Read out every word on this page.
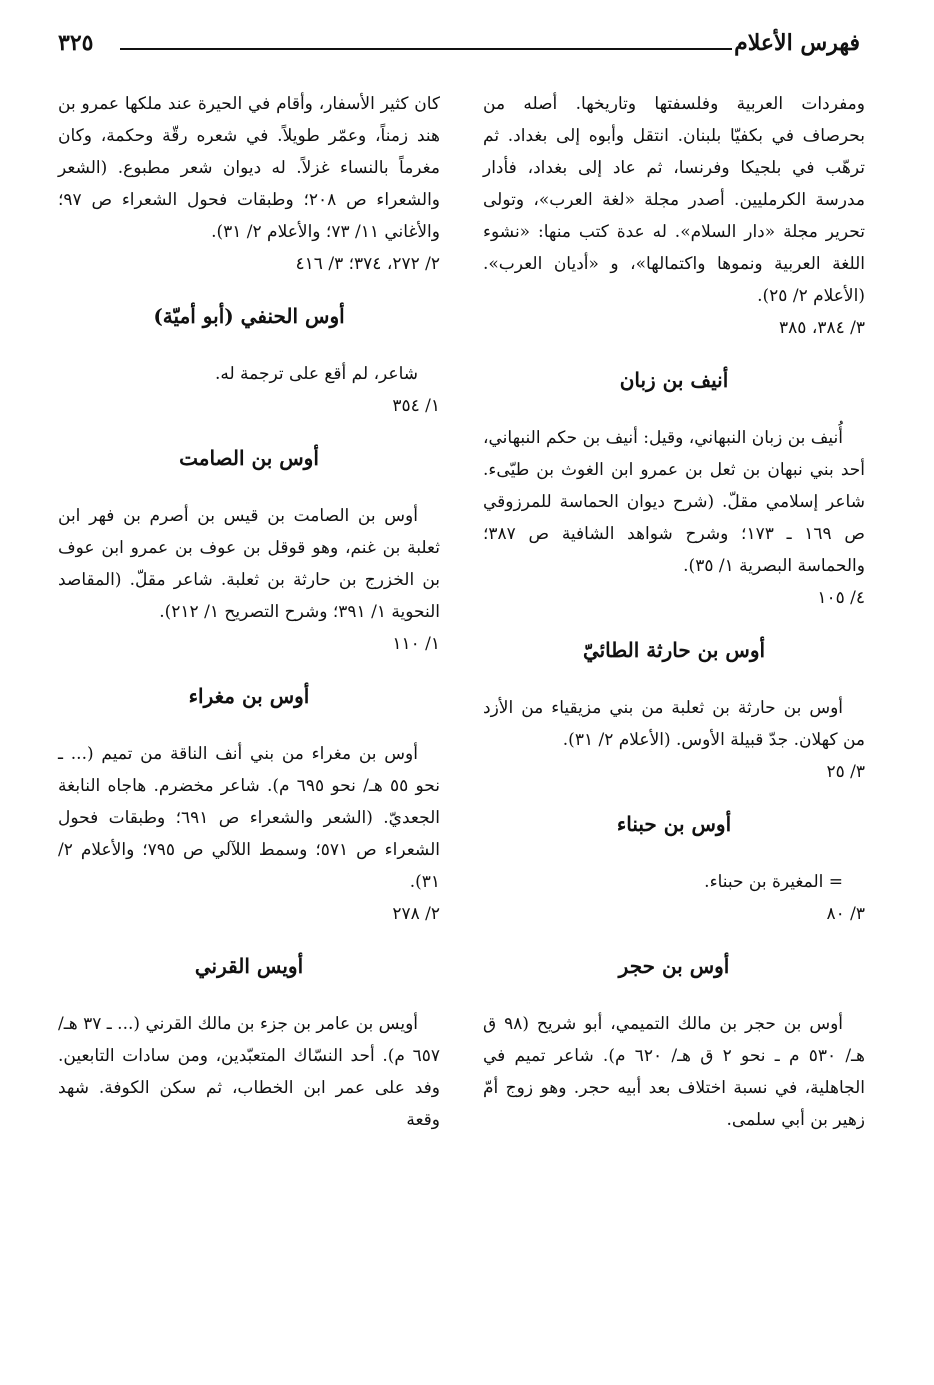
فهرس الأعلام
٣٢٥

ومفردات العربية وفلسفتها وتاريخها. أصله من بحرصاف في بكفيّا بلبنان. انتقل وأبوه إلى بغداد. ثم ترهّب في بلجيكا وفرنسا، ثم عاد إلى بغداد، فأدار مدرسة الكرمليين. أصدر مجلة «لغة العرب»، وتولى تحرير مجلة «دار السلام». له عدة كتب منها: «نشوء اللغة العربية ونموها واكتمالها»، و «أديان العرب». (الأعلام ٢/ ٢٥).

٣/ ٣٨٤، ٣٨٥

أنيف بن زبان

أُنيف بن زبان النبهاني، وقيل: أنيف بن حكم النبهاني، أحد بني نبهان بن ثعل بن عمرو ابن الغوث بن طيّىء. شاعر إسلامي مقلّ. (شرح ديوان الحماسة للمرزوقي ص ١٦٩ ـ ١٧٣؛ وشرح شواهد الشافية ص ٣٨٧؛ والحماسة البصرية ١/ ٣٥).

٤/ ١٠٥

أوس بن حارثة الطائيّ

أوس بن حارثة بن ثعلبة من بني مزيقياء من الأزد من كهلان. جدّ قبيلة الأوس. (الأعلام ٢/ ٣١).

٣/ ٢٥

أوس بن حبناء

= المغيرة بن حبناء.

٣/ ٨٠

أوس بن حجر

أوس بن حجر بن مالك التميمي، أبو شريح (٩٨ ق هـ/ ٥٣٠ م ـ نحو ٢ ق هـ/ ٦٢٠ م). شاعر تميم في الجاهلية، في نسبة اختلاف بعد أبيه حجر. وهو زوج أمّ زهير بن أبي سلمى.

كان كثير الأسفار، وأقام في الحيرة عند ملكها عمرو بن هند زمناً، وعمّر طويلاً. في شعره رقّة وحكمة، وكان مغرماً بالنساء غزلاً. له ديوان شعر مطبوع. (الشعر والشعراء ص ٢٠٨؛ وطبقات فحول الشعراء ص ٩٧؛ والأغاني ١١/ ٧٣؛ والأعلام ٢/ ٣١).

٢/ ٢٧٢، ٣٧٤؛ ٣/ ٤١٦

أوس الحنفي (أبو أميّة)

شاعر، لم أقع على ترجمة له.

١/ ٣٥٤

أوس بن الصامت

أوس بن الصامت بن قيس بن أصرم بن فهر ابن ثعلبة بن غنم، وهو قوقل بن عوف بن عمرو ابن عوف بن الخزرج بن حارثة بن ثعلبة. شاعر مقلّ. (المقاصد النحوية ١/ ٣٩١؛ وشرح التصريح ١/ ٢١٢).

١/ ١١٠

أوس بن مغراء

أوس بن مغراء من بني أنف الناقة من تميم (... ـ نحو ٥٥ هـ/ نحو ٦٩٥ م). شاعر مخضرم. هاجاه النابغة الجعديّ. (الشعر والشعراء ص ٦٩١؛ وطبقات فحول الشعراء ص ٥٧١؛ وسمط اللآلي ص ٧٩٥؛ والأعلام ٢/ ٣١).

٢/ ٢٧٨

أويس القرني

أويس بن عامر بن جزء بن مالك القرني (... ـ ٣٧ هـ/ ٦٥٧ م). أحد النسّاك المتعبّدين، ومن سادات التابعين. وفد على عمر ابن الخطاب، ثم سكن الكوفة. شهد وقعة
